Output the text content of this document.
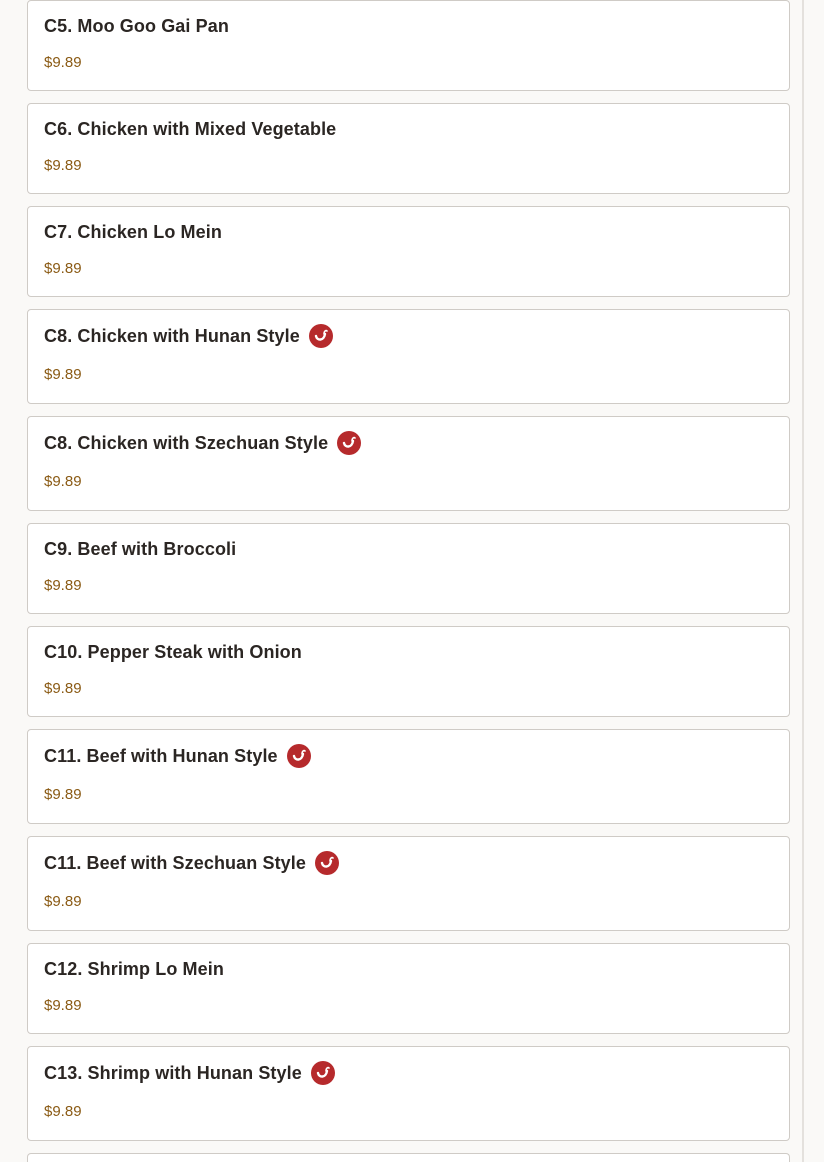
C5. Moo Goo Gai Pan
$9.89
C6. Chicken with Mixed Vegetable
$9.89
C7. Chicken Lo Mein
$9.89
C8. Chicken with Hunan Style
$9.89
C8. Chicken with Szechuan Style
$9.89
C9. Beef with Broccoli
$9.89
C10. Pepper Steak with Onion
$9.89
C11. Beef with Hunan Style
$9.89
C11. Beef with Szechuan Style
$9.89
C12. Shrimp Lo Mein
$9.89
C13. Shrimp with Hunan Style
$9.89
